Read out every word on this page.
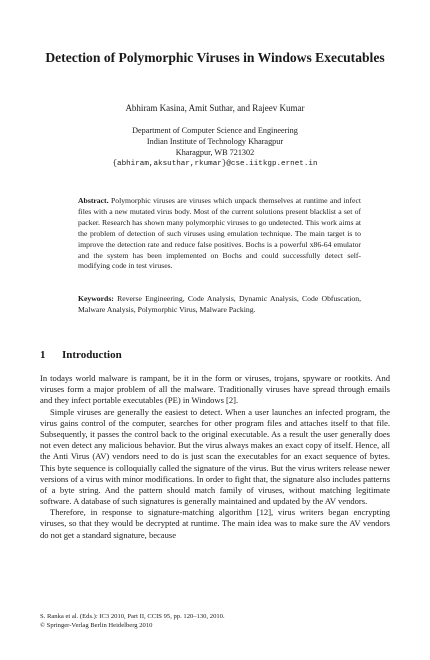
Detection of Polymorphic Viruses in Windows Executables
Abhiram Kasina, Amit Suthar, and Rajeev Kumar
Department of Computer Science and Engineering
Indian Institute of Technology Kharagpur
Kharagpur, WB 721302
{abhiram,aksuthar,rkumar}@cse.iitkgp.ernet.in

Abstract. Polymorphic viruses are viruses which unpack themselves at runtime and infect files with a new mutated virus body. Most of the current solutions present blacklist a set of packer. Research has shown many polymorphic viruses to go undetected. This work aims at the problem of detection of such viruses using emulation technique. The main target is to improve the detection rate and reduce false positives. Bochs is a powerful x86-64 emulator and the system has been implemented on Bochs and could successfully detect self-modifying code in test viruses.

Keywords: Reverse Engineering, Code Analysis, Dynamic Analysis, Code Obfuscation, Malware Analysis, Polymorphic Virus, Malware Packing.

1 Introduction

In todays world malware is rampant, be it in the form or viruses, trojans, spyware or rootkits. And viruses form a major problem of all the malware. Traditionally viruses have spread through emails and they infect portable executables (PE) in Windows [2].

Simple viruses are generally the easiest to detect. When a user launches an infected program, the virus gains control of the computer, searches for other program files and attaches itself to that file. Subsequently, it passes the control back to the original executable. As a result the user generally does not even detect any malicious behavior. But the virus always makes an exact copy of itself. Hence, all the Anti Virus (AV) vendors need to do is just scan the executables for an exact sequence of bytes. This byte sequence is colloquially called the signature of the virus. But the virus writers release newer versions of a virus with minor modifications. In order to fight that, the signature also includes patterns of a byte string. And the pattern should match family of viruses, without matching legitimate software. A database of such signatures is generally maintained and updated by the AV vendors.

Therefore, in response to signature-matching algorithm [12], virus writers began encrypting viruses, so that they would be decrypted at runtime. The main idea was to make sure the AV vendors do not get a standard signature, because

S. Ranka et al. (Eds.): IC3 2010, Part II, CCIS 95, pp. 120–130, 2010.
© Springer-Verlag Berlin Heidelberg 2010
